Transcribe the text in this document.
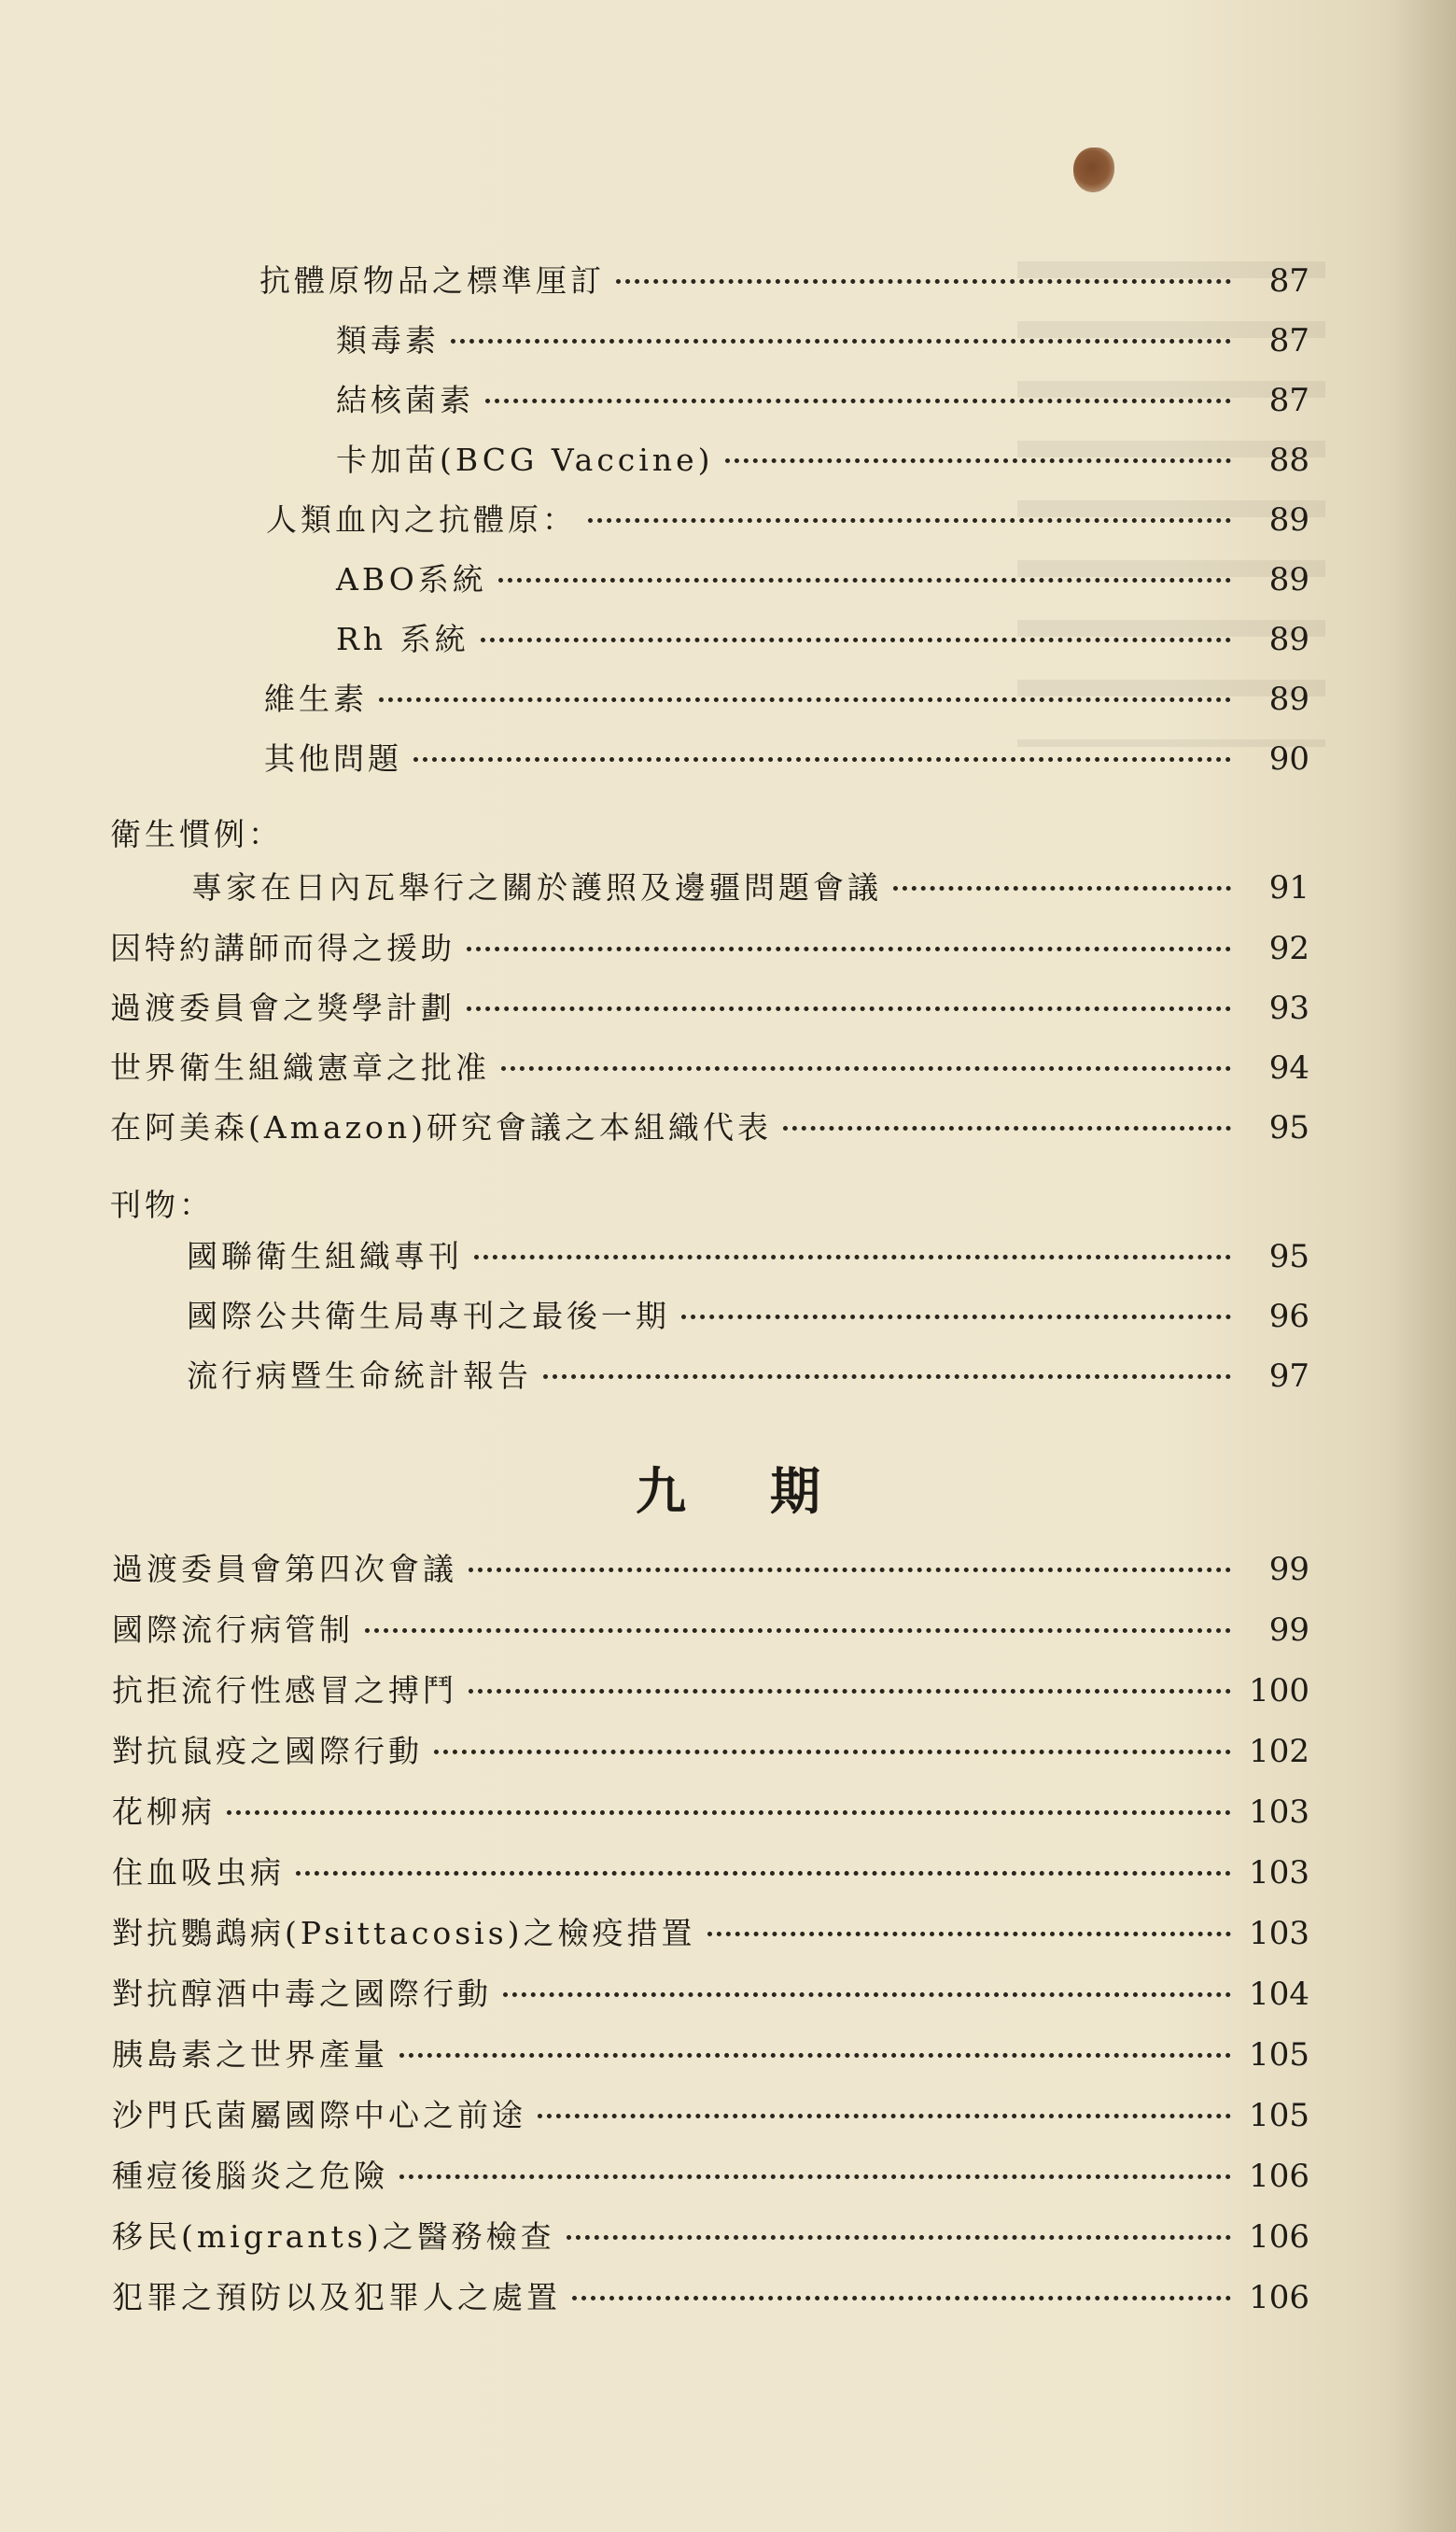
抗體原物品之標準厘訂	87
類毒素	87
結核菌素	87
卡加苗(BCG Vaccine)	88
人類血內之抗體原：	89
ABO系統	89
Rh 系統	89
維生素	89
其他問題	90
衛生慣例：
專家在日內瓦舉行之關於護照及邊疆問題會議	91
因特約講師而得之援助	92
過渡委員會之獎學計劃	93
世界衛生組織憲章之批准	94
在阿美森(Amazon)研究會議之本組織代表	95
刊物：
國聯衛生組織專刊	95
國際公共衛生局專刊之最後一期	96
流行病暨生命統計報告	97
九期
過渡委員會第四次會議	99
國際流行病管制	99
抗拒流行性感冒之搏鬥	100
對抗鼠疫之國際行動	102
花柳病	103
住血吸虫病	103
對抗鸚鵡病(Psittacosis)之檢疫措置	103
對抗醇酒中毒之國際行動	104
胰島素之世界產量	105
沙門氏菌屬國際中心之前途	105
種痘後腦炎之危險	106
移民(migrants)之醫務檢查	106
犯罪之預防以及犯罪人之處置	106
